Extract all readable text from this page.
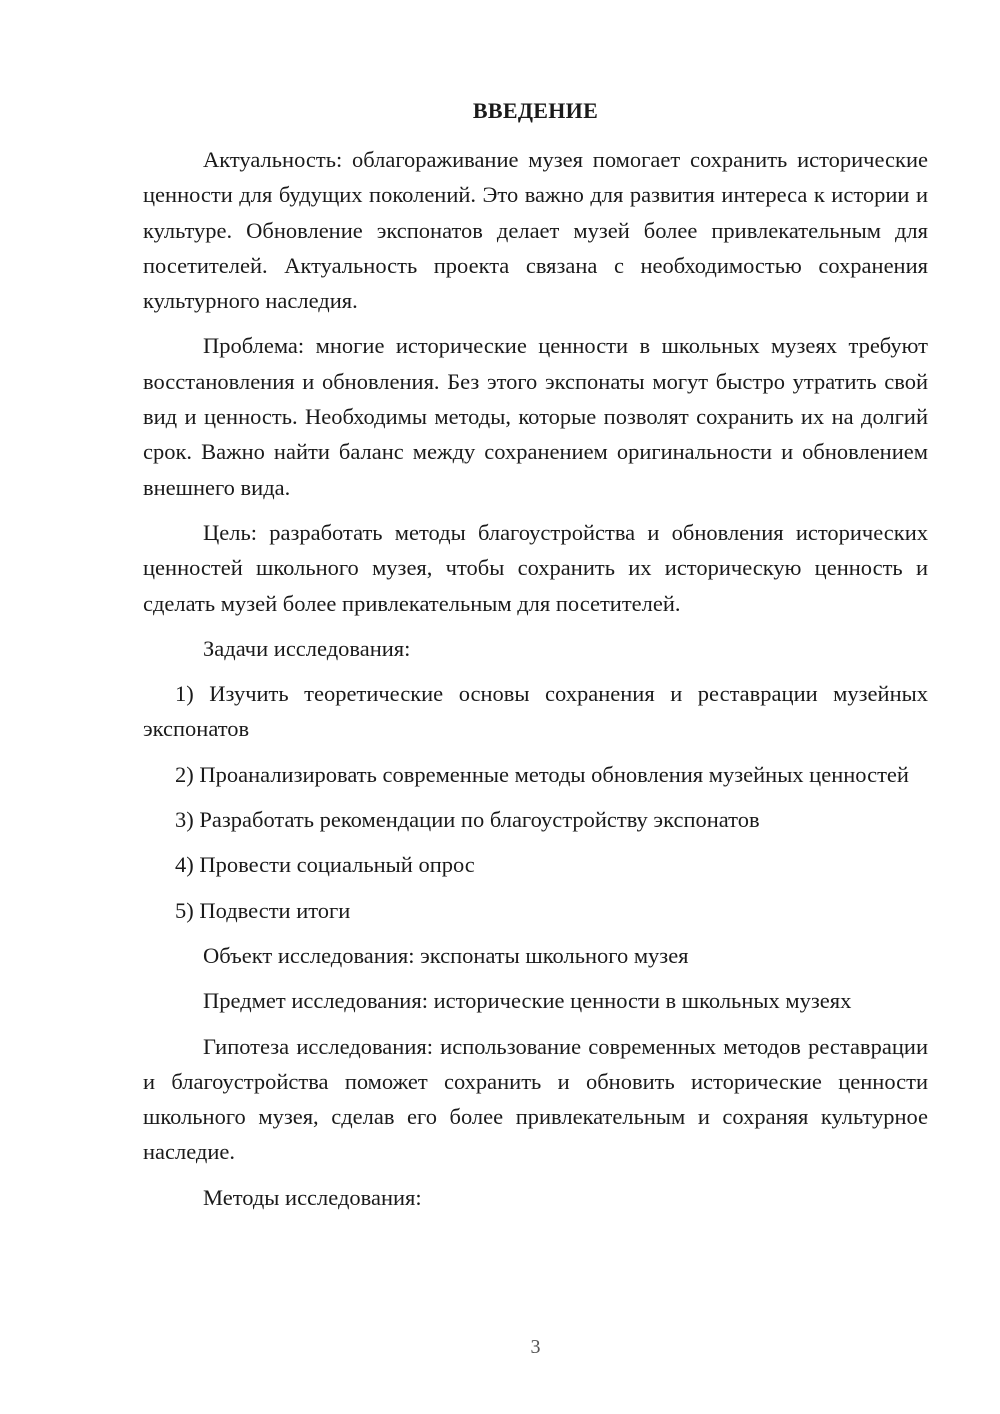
ВВЕДЕНИЕ

Актуальность: облагораживание музея помогает сохранить исторические ценности для будущих поколений. Это важно для развития интереса к истории и культуре. Обновление экспонатов делает музей более привлекательным для посетителей. Актуальность проекта связана с необходимостью сохранения культурного наследия.

Проблема: многие исторические ценности в школьных музеях требуют восстановления и обновления. Без этого экспонаты могут быстро утратить свой вид и ценность. Необходимы методы, которые позволят сохранить их на долгий срок. Важно найти баланс между сохранением оригинальности и обновлением внешнего вида.

Цель: разработать методы благоустройства и обновления исторических ценностей школьного музея, чтобы сохранить их историческую ценность и сделать музей более привлекательным для посетителей.

Задачи исследования:

1) Изучить теоретические основы сохранения и реставрации музейных экспонатов

2) Проанализировать современные методы обновления музейных ценностей

3) Разработать рекомендации по благоустройству экспонатов

4) Провести социальный опрос

5) Подвести итоги

Объект исследования: экспонаты школьного музея

Предмет исследования: исторические ценности в школьных музеях

Гипотеза исследования: использование современных методов реставрации и благоустройства поможет сохранить и обновить исторические ценности школьного музея, сделав его более привлекательным и сохраняя культурное наследие.

Методы исследования:

3
